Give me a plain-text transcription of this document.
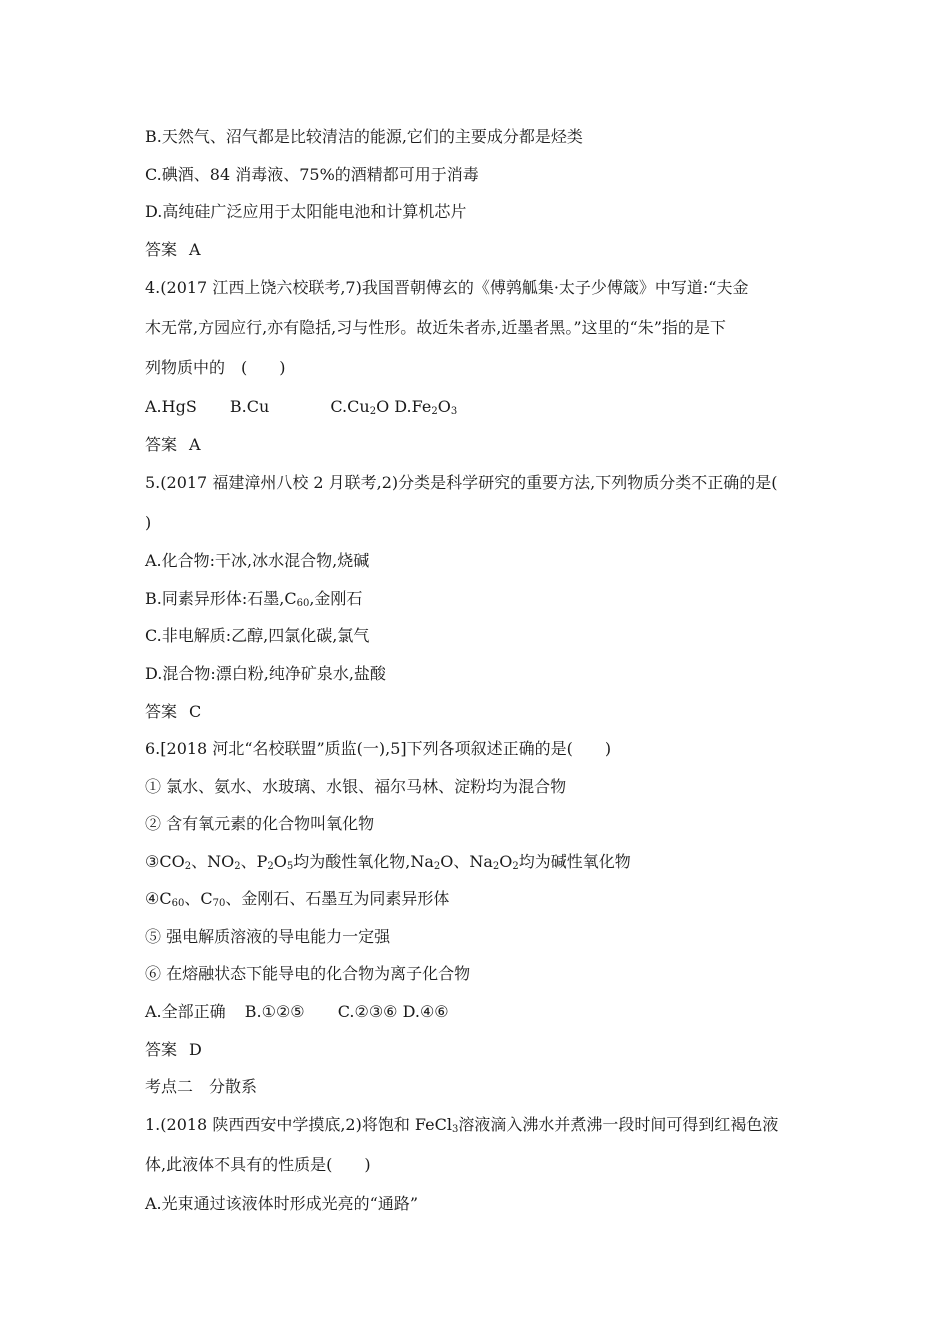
B.天然气、沼气都是比较清洁的能源,它们的主要成分都是烃类
C.碘酒、84 消毒液、75%的酒精都可用于消毒
D.高纯硅广泛应用于太阳能电池和计算机芯片
答案 A
4.(2017 江西上饶六校联考,7)我国晋朝傅玄的《傅鹑觚集·太子少傅箴》中写道:“夫金
木无常,方园应行,亦有隐括,习与性形。故近朱者赤,近墨者黑。”这里的“朱”指的是下
列物质中的　(　　)
A.HgS B.Cu	$C.Cu_2O$ $D.Fe_2O_3$
答案 A
5.(2017 福建漳州八校 2 月联考,2)分类是科学研究的重要方法,下列物质分类不正确的是(
)
A.化合物:干冰,冰水混合物,烧碱
B.同素异形体:石墨$,C_{60}$,金刚石
C.非电解质:乙醇,四氯化碳,氯气
D.混合物:漂白粉,纯净矿泉水,盐酸
答案 C
6.[2018 河北“名校联盟”质监(一),5]下列各项叙述正确的是(　　)
① 氯水、氨水、水玻璃、水银、福尔马林、淀粉均为混合物
② 含有氧元素的化合物叫氧化物
$③CO_2$、$NO_2$、$P_2O_5$均为酸性氧化物$,Na_2O$、$Na_2O_2$均为碱性氧化物
$④C_{60}$、$C_{70}$、金刚石、石墨互为同素异形体
⑤ 强电解质溶液的导电能力一定强
⑥ 在熔融状态下能导电的化合物为离子化合物
A.全部正确 B.①②⑤ C.②③⑥ D.④⑥
答案 D
考点二　分散系
1.(2018 陕西西安中学摸底,2)将饱和 FeCl$_3$溶液滴入沸水并煮沸一段时间可得到红褐色液
体,此液体不具有的性质是(　　)
A.光束通过该液体时形成光亮的“通路”
